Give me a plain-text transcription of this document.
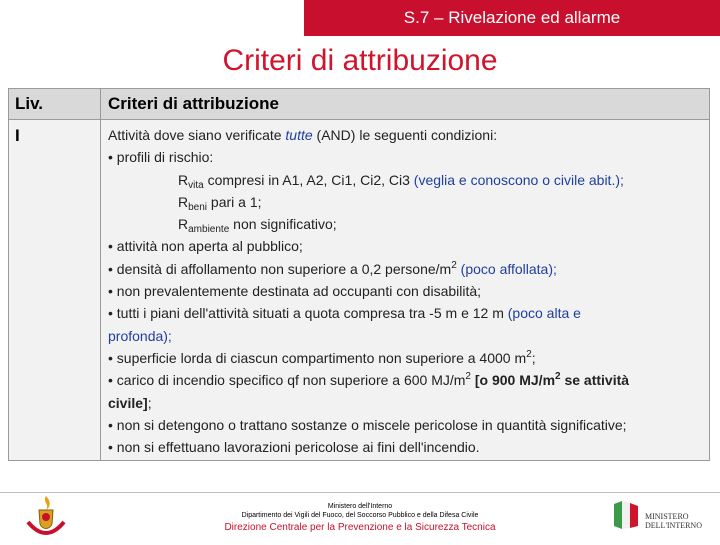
S.7 – Rivelazione ed allarme
Criteri di attribuzione
Liv.	Criteri di attribuzione
I	Attività dove siano verificate tutte (AND) le seguenti condizioni:
• profili di rischio:
$R_{vita}$ compresi in A1, A2, Ci1, Ci2, Ci3 (veglia e conoscono o civile abit.);
$R_{beni}$ pari a 1;
$R_{ambiente}$ non significativo;
• attività non aperta al pubblico;
• densità di affollamento non superiore a 0,2 persone/$m^2$ (poco affollata);
• non prevalentemente destinata ad occupanti con disabilità;
• tutti i piani dell'attività situati a quota compresa tra -5 m e 12 m (poco alta e
profonda);
• superficie lorda di ciascun compartimento non superiore a 4000 $m^2$;
• carico di incendio specifico qf non superiore a 600 $MJ/m^2$ [o 900 $MJ/m^2$ se attività
civile];
• non si detengono o trattano sostanze o miscele pericolose in quantità significative;
• non si effettuano lavorazioni pericolose ai fini dell'incendio.
Ministero dell'Interno
Dipartimento dei Vigili del Fuoco, del Soccorso Pubblico e della Difesa Civile
Direzione Centrale per la Prevenzione e la Sicurezza Tecnica
MINISTERO
DELL'INTERNO
